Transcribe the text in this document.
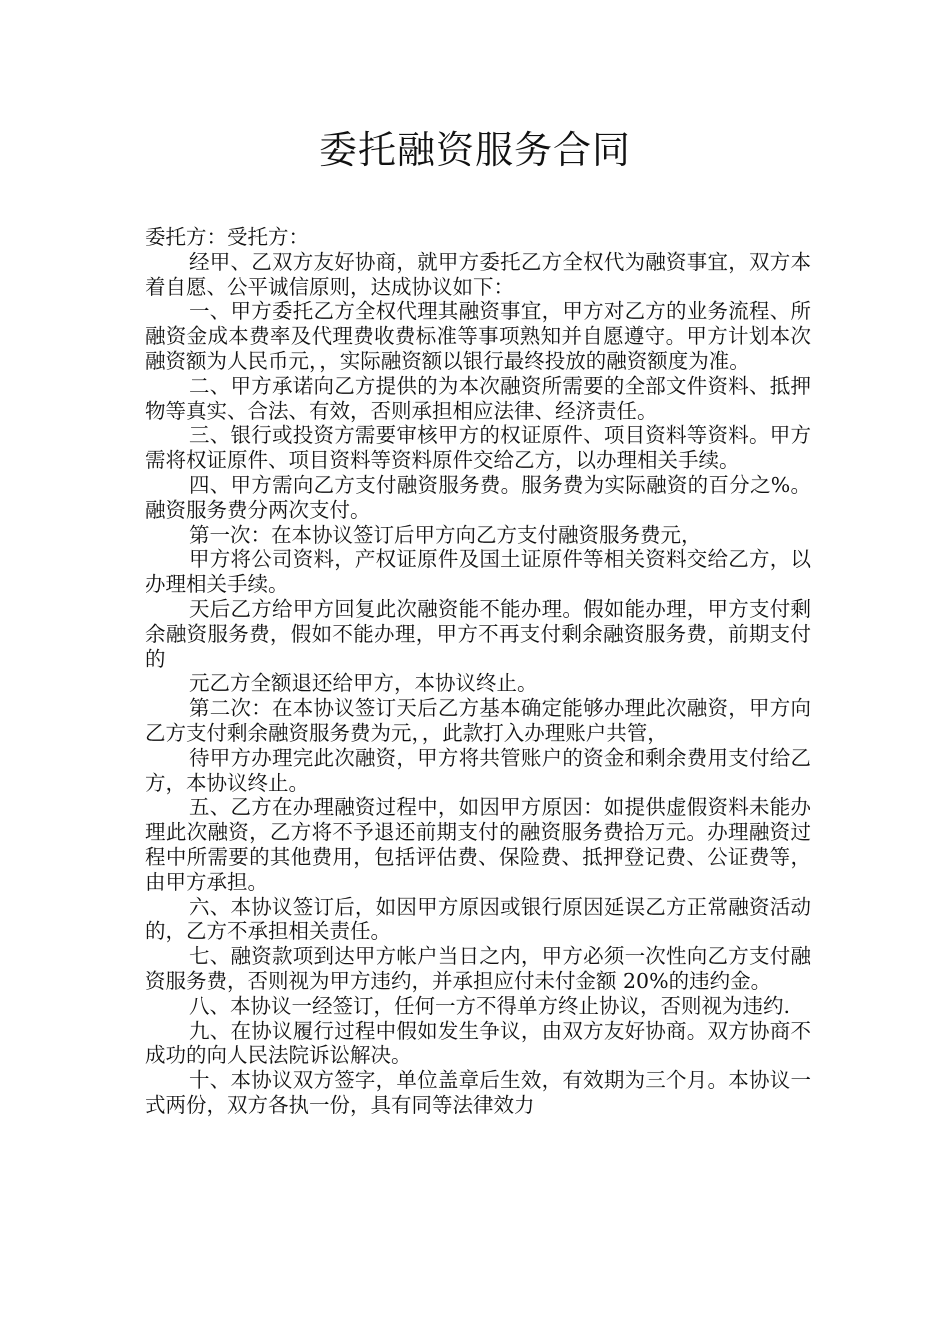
委托融资服务合同

委托方：受托方：

经甲、乙双方友好协商，就甲方委托乙方全权代为融资事宜，双方本着自愿、公平诚信原则，达成协议如下：

一、甲方委托乙方全权代理其融资事宜，甲方对乙方的业务流程、所融资金成本费率及代理费收费标准等事项熟知并自愿遵守。甲方计划本次融资额为人民币元，，实际融资额以银行最终投放的融资额度为准。

二、甲方承诺向乙方提供的为本次融资所需要的全部文件资料、抵押物等真实、合法、有效，否则承担相应法律、经济责任。

三、银行或投资方需要审核甲方的权证原件、项目资料等资料。甲方需将权证原件、项目资料等资料原件交给乙方，以办理相关手续。

四、甲方需向乙方支付融资服务费。服务费为实际融资的百分之%。融资服务费分两次支付。

第一次：在本协议签订后甲方向乙方支付融资服务费元，

甲方将公司资料，产权证原件及国土证原件等相关资料交给乙方，以办理相关手续。

天后乙方给甲方回复此次融资能不能办理。假如能办理，甲方支付剩余融资服务费，假如不能办理，甲方不再支付剩余融资服务费，前期支付的

元乙方全额退还给甲方，本协议终止。

第二次：在本协议签订天后乙方基本确定能够办理此次融资，甲方向乙方支付剩余融资服务费为元，，此款打入办理账户共管，

待甲方办理完此次融资，甲方将共管账户的资金和剩余费用支付给乙方，本协议终止。

五、乙方在办理融资过程中，如因甲方原因：如提供虚假资料未能办理此次融资，乙方将不予退还前期支付的融资服务费拾万元。办理融资过程中所需要的其他费用，包括评估费、保险费、抵押登记费、公证费等，由甲方承担。

六、本协议签订后，如因甲方原因或银行原因延误乙方正常融资活动的，乙方不承担相关责任。

七、融资款项到达甲方帐户当日之内，甲方必须一次性向乙方支付融资服务费，否则视为甲方违约，并承担应付未付金额 20%的违约金。

八、本协议一经签订，任何一方不得单方终止协议，否则视为违约.

九、在协议履行过程中假如发生争议，由双方友好协商。双方协商不成功的向人民法院诉讼解决。

十、本协议双方签字，单位盖章后生效，有效期为三个月。本协议一式两份，双方各执一份，具有同等法律效力
